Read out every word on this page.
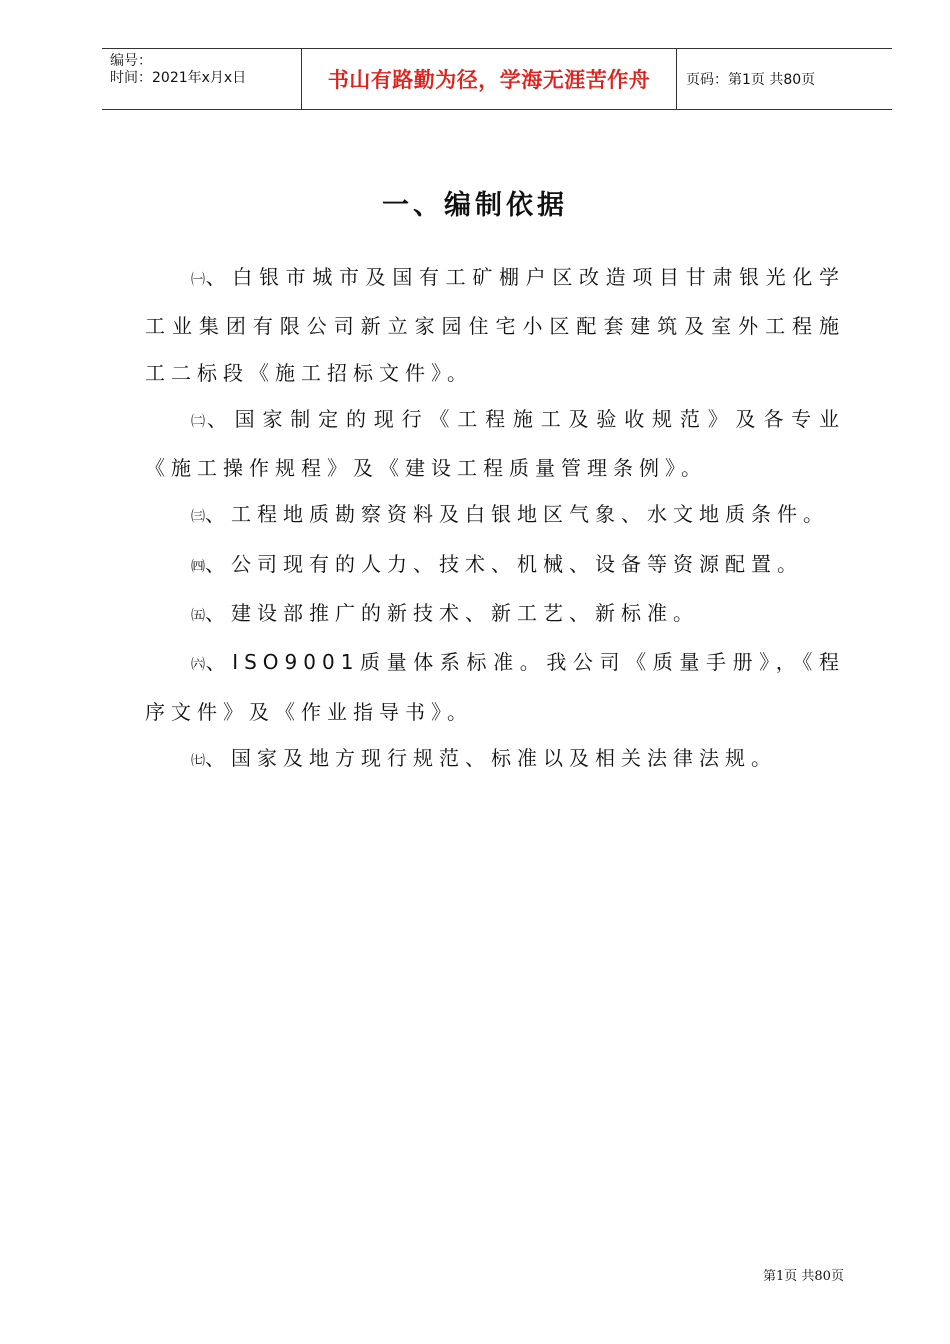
编号：
时间：2021年x月x日	书山有路勤为径，学海无涯苦作舟	页码：第1页 共80页
一、编制依据

㈠、白银市城市及国有工矿棚户区改造项目甘肃银光化学工业集团有限公司新立家园住宅小区配套建筑及室外工程施工二标段《施工招标文件》。

㈡、国家制定的现行《工程施工及验收规范》及各专业《施工操作规程》及《建设工程质量管理条例》。

㈢、工程地质勘察资料及白银地区气象、水文地质条件。

㈣、公司现有的人力、技术、机械、设备等资源配置。

㈤、建设部推广的新技术、新工艺、新标准。

㈥、ISO9001质量体系标准。我公司《质量手册》，《程序文件》及《作业指导书》。

㈦、国家及地方现行规范、标准以及相关法律法规。

第1页 共80页
